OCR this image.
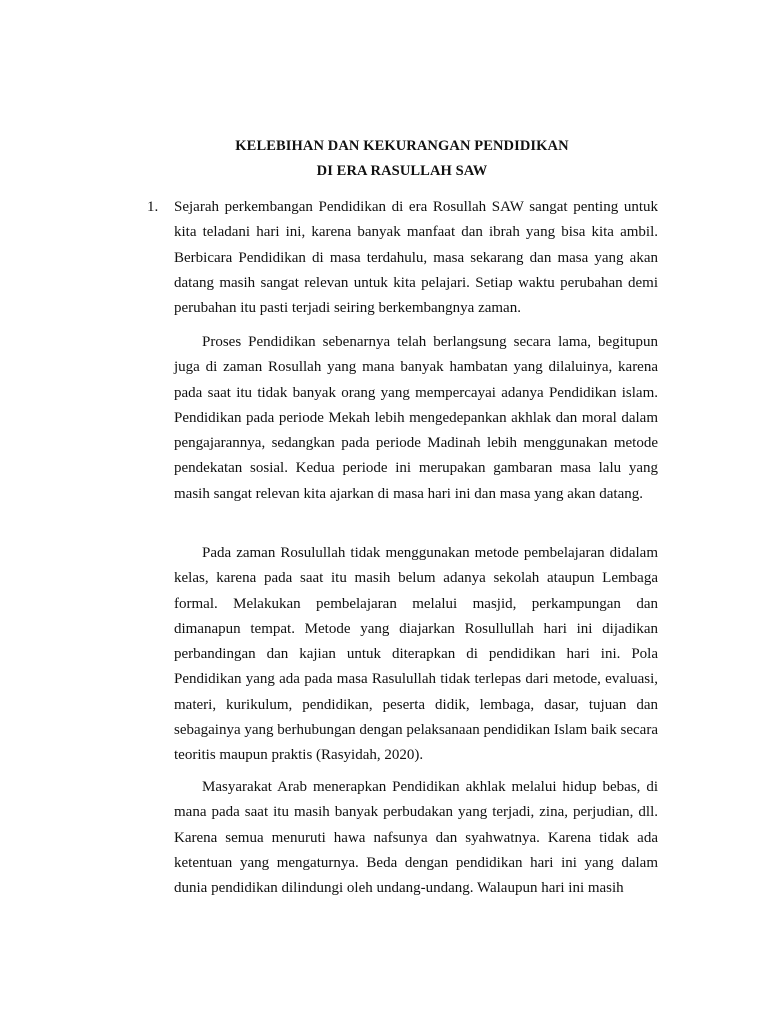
KELEBIHAN DAN KEKURANGAN PENDIDIKAN
DI ERA RASULLAH SAW
1. Sejarah perkembangan Pendidikan di era Rosullah SAW sangat penting untuk kita teladani hari ini, karena banyak manfaat dan ibrah yang bisa kita ambil. Berbicara Pendidikan di masa terdahulu, masa sekarang dan masa yang akan datang masih sangat relevan untuk kita pelajari. Setiap waktu perubahan demi perubahan itu pasti terjadi seiring berkembangnya zaman.

Proses Pendidikan sebenarnya telah berlangsung secara lama, begitupun juga di zaman Rosullah yang mana banyak hambatan yang dilaluinya, karena pada saat itu tidak banyak orang yang mempercayai adanya Pendidikan islam. Pendidikan pada periode Mekah lebih mengedepankan akhlak dan moral dalam pengajarannya, sedangkan pada periode Madinah lebih menggunakan metode pendekatan sosial. Kedua periode ini merupakan gambaran masa lalu yang masih sangat relevan kita ajarkan di masa hari ini dan masa yang akan datang.

Pada zaman Rosulullah tidak menggunakan metode pembelajaran didalam kelas, karena pada saat itu masih belum adanya sekolah ataupun Lembaga formal. Melakukan pembelajaran melalui masjid, perkampungan dan dimanapun tempat. Metode yang diajarkan Rosullullah hari ini dijadikan perbandingan dan kajian untuk diterapkan di pendidikan hari ini. Pola Pendidikan yang ada pada masa Rasulullah tidak terlepas dari metode, evaluasi, materi, kurikulum, pendidikan, peserta didik, lembaga, dasar, tujuan dan sebagainya yang berhubungan dengan pelaksanaan pendidikan Islam baik secara teoritis maupun praktis (Rasyidah, 2020).

Masyarakat Arab menerapkan Pendidikan akhlak melalui hidup bebas, di mana pada saat itu masih banyak perbudakan yang terjadi, zina, perjudian, dll. Karena semua menuruti hawa nafsunya dan syahwatnya. Karena tidak ada ketentuan yang mengaturnya. Beda dengan pendidikan hari ini yang dalam dunia pendidikan dilindungi oleh undang-undang. Walaupun hari ini masih
